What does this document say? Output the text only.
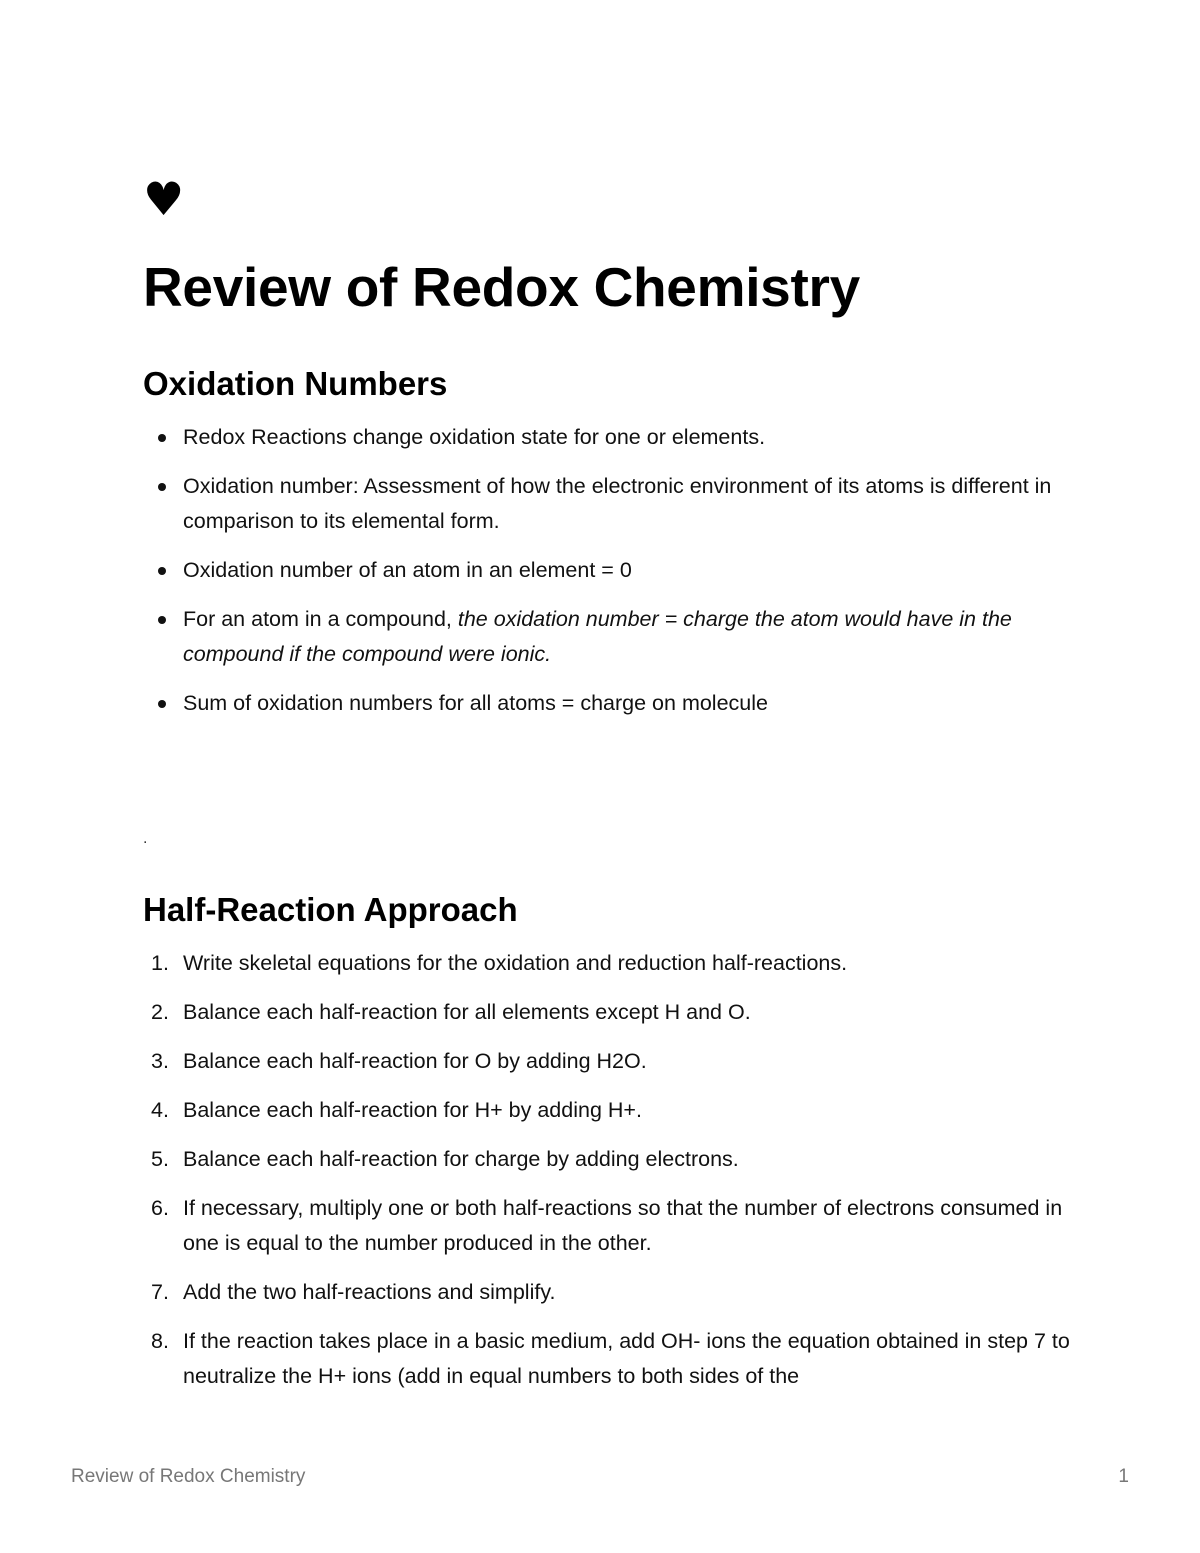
♥
Review of Redox Chemistry
Oxidation Numbers
Redox Reactions change oxidation state for one or elements.
Oxidation number: Assessment of how the electronic environment of its atoms is different in comparison to its elemental form.
Oxidation number of an atom in an element = 0
For an atom in a compound, the oxidation number = charge the atom would have in the compound if the compound were ionic.
Sum of oxidation numbers for all atoms = charge on molecule
.
Half-Reaction Approach
1. Write skeletal equations for the oxidation and reduction half-reactions.
2. Balance each half-reaction for all elements except H and O.
3. Balance each half-reaction for O by adding H2O.
4. Balance each half-reaction for H+ by adding H+.
5. Balance each half-reaction for charge by adding electrons.
6. If necessary, multiply one or both half-reactions so that the number of electrons consumed in one is equal to the number produced in the other.
7. Add the two half-reactions and simplify.
8. If the reaction takes place in a basic medium, add OH- ions the equation obtained in step 7 to neutralize the H+ ions (add in equal numbers to both sides of the
Review of Redox Chemistry	1
